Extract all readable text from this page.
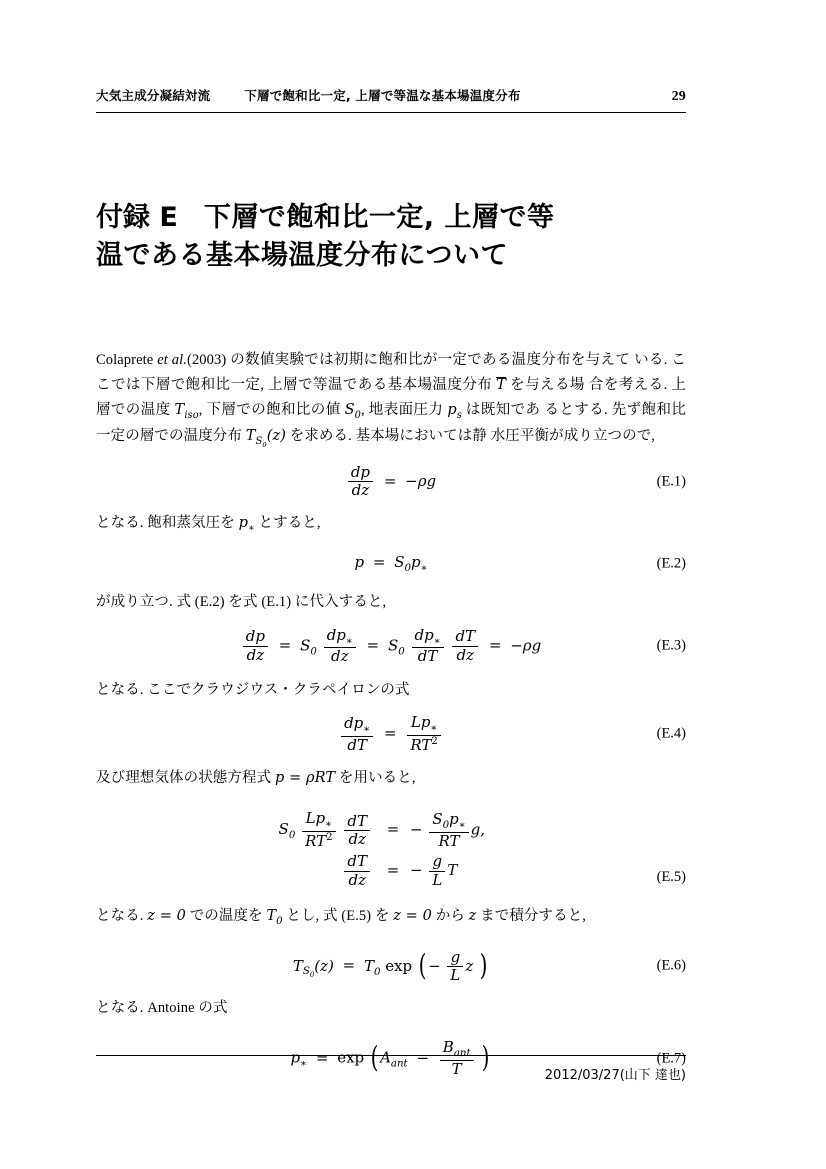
大気主成分凝結対流	下層で飽和比一定, 上層で等温な基本場温度分布	29
付録 E 下層で飽和比一定, 上層で等
温である基本場温度分布について

Colaprete et al.(2003) の数値実験では初期に飽和比が一定である温度分布を与えて いる. ここでは下層で飽和比一定, 上層で等温である基本場温度分布 T を与える場 合を考える. 上層での温度 $T_{iso}$, 下層での飽和比の値 $S_0$, 地表面圧力 $p_s$ は既知であ るとする. 先ず飽和比一定の層での温度分布 $T_{S_0}(z)$ を求める. 基本場においては静 水圧平衡が成り立つので,

$\frac{dp}{dz} = -\rho g$	(E.1)

となる. 飽和蒸気圧を $p_∗$ とすると,

$p = S_0p_∗$	(E.2)

が成り立つ. 式 (E.2) を式 (E.1) に代入すると,

$\frac{dp}{dz} = S_0 \frac{dp_∗}{dz} = S_0 \frac{dp_∗}{dT}$
$\frac{dT}{dz} = -\rho g$	(E.3)

となる. ここでクラウジウス・クラペイロンの式

$\frac{dp_∗}{dT} = \frac{Lp_∗}{RT^2}$	(E.4)

及び理想気体の状態方程式 p = ρRT を用いると,

$S_0 \frac{Lp_∗}{RT^2}$
$\frac{dT}{dz}$	= − $\frac{S_0p_∗}{RT} g$,
$\frac{dT}{dz}$	= − $\frac{g}{L}$ T	(E.5)

となる. z = 0 での温度を $T_0$ とし, 式 (E.5) を z = 0 から z まで積分すると,

$T_{S_0}(z) = T_0$ exp ( − $\frac{g}{L}$ z )	(E.6)

となる. Antoine の式

$p_∗ = \exp$ ( $A_{ant} - \frac{B_{ant}}{T}$ )	(E.7)
2012/03/27(山下 達也)
